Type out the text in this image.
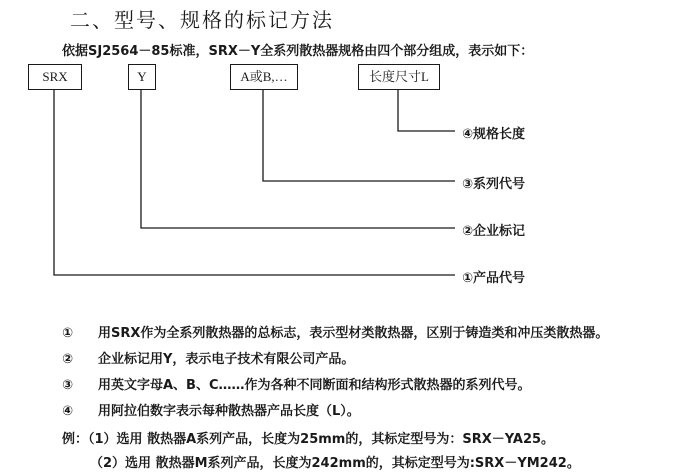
二、型号、规格的标记方法
依据SJ2564－85标准，SRX－Y全系列散热器规格由四个部分组成，表示如下：
SRX	Y	A或B,…	长度尺寸L
④规格长度
③系列代号
②企业标记
①产品代号
① 用SRX作为全系列散热器的总标志，表示型材类散热器，区别于铸造类和冲压类散热器。
② 企业标记用Y，表示电子技术有限公司产品。
③ 用英文字母A、B、C……作为各种不同断面和结构形式散热器的系列代号。
④ 用阿拉伯数字表示每种散热器产品长度（L）。
例：（1）选用 散热器A系列产品，长度为25mm的，其标定型号为：SRX－YA25。
（2）选用 散热器M系列产品，长度为242mm的，其标定型号为:SRX－YM242。
